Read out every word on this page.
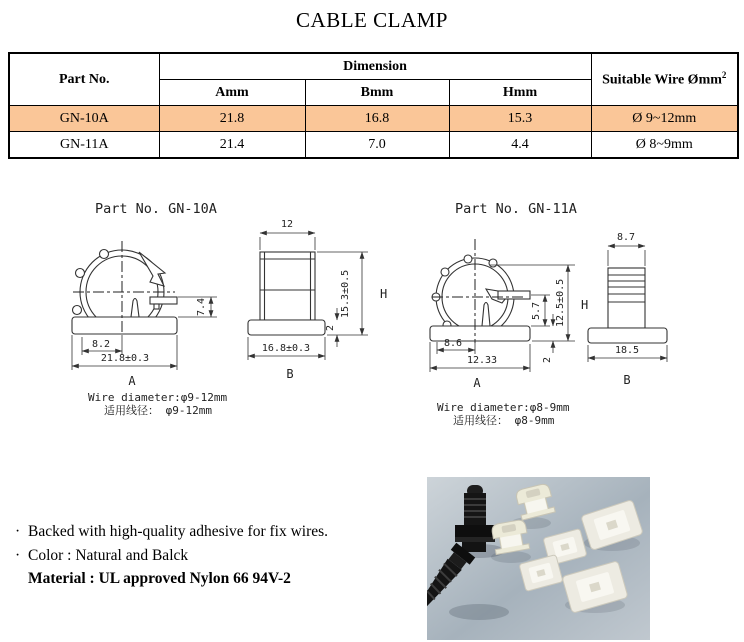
CABLE CLAMP
Part No.	Dimension			Suitable Wire Ømm$^2$
	Amm	Bmm	Hmm	
GN-10A	21.8	16.8	15.3	Ø 9~12mm
GN-11A	21.4	7.0	4.4	Ø 8~9mm
Part No. GN-10A
8.2
21.8±0.3
A
7.4
12
16.8±0.3
B
15.3±0.5
2
H
Part No. GN-11A
8.6
12.33
A
5.7 12.5±0.5
2
H
8.7
18.5
B
Wire diameter:φ9-12mm
适用线径： φ9-12mm	Wire diameter:φ8-9mm
适用线径： φ8-9mm
· Backed with high-quality adhesive for fix wires.
· Color : Natural and Balck
Material : UL approved Nylon 66 94V-2
